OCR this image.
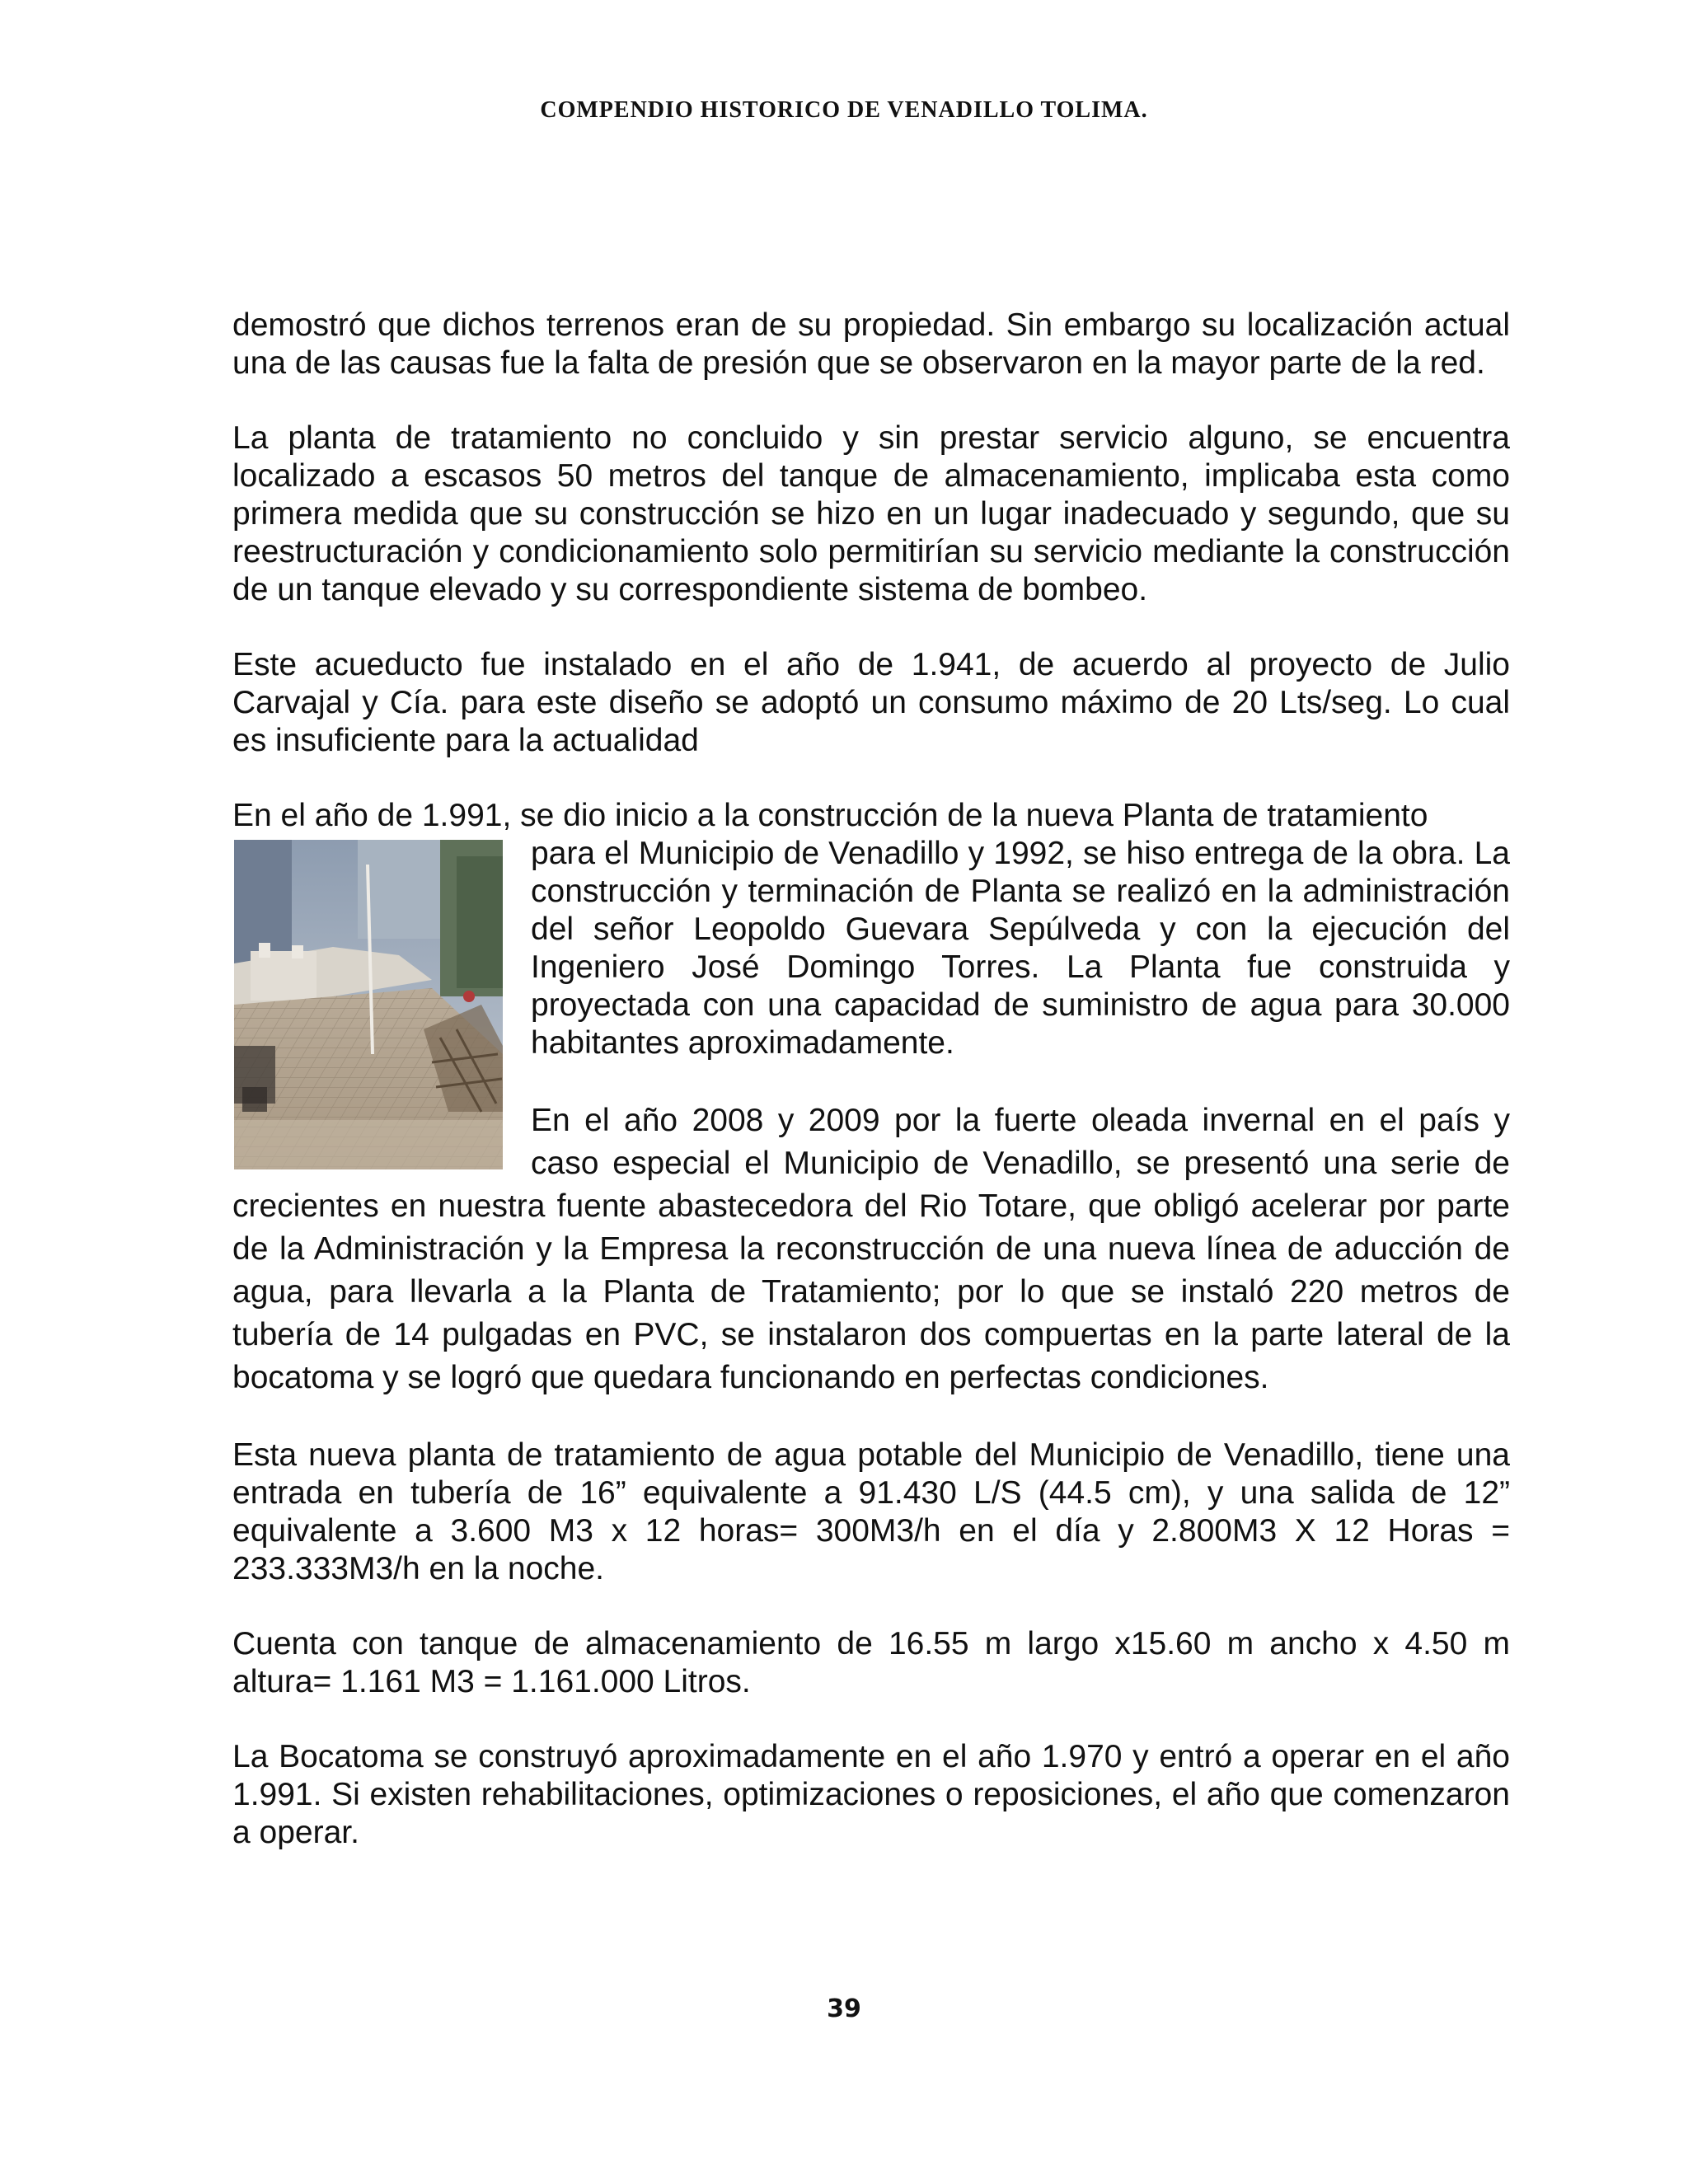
COMPENDIO HISTORICO DE VENADILLO TOLIMA.

demostró que dichos terrenos eran de su propiedad. Sin embargo su localización actual una de las causas fue la falta de presión que se observaron en la mayor parte de la red.

La planta de tratamiento no concluido y sin prestar servicio alguno, se encuentra localizado a escasos 50 metros del tanque de almacenamiento, implicaba esta como primera medida que su construcción se hizo en un lugar inadecuado y segundo, que su reestructuración y condicionamiento solo permitirían su servicio mediante la construcción de un tanque elevado y su correspondiente sistema de bombeo.

Este acueducto fue instalado en el año de 1.941, de acuerdo al proyecto de Julio Carvajal y Cía. para este diseño se adoptó un consumo máximo de 20 Lts/seg. Lo cual es insuficiente para la actualidad

En el año de 1.991, se dio inicio a la construcción de la nueva Planta de tratamiento

para el Municipio de Venadillo y 1992, se hiso entrega de la obra. La construcción y terminación de Planta se realizó en la administración del señor Leopoldo Guevara Sepúlveda y con la ejecución del Ingeniero José Domingo Torres. La Planta fue construida y proyectada con una capacidad de suministro de agua para 30.000 habitantes aproximadamente.

En el año 2008 y 2009 por la fuerte oleada invernal en el país y caso especial el Municipio de Venadillo, se presentó una serie de crecientes en nuestra fuente abastecedora del Rio Totare, que obligó acelerar por parte de la Administración y la Empresa la reconstrucción de una nueva línea de aducción de agua, para llevarla a la Planta de Tratamiento; por lo que se instaló 220 metros de tubería de 14 pulgadas en PVC, se instalaron dos compuertas en la parte lateral de la bocatoma y se logró que quedara funcionando en perfectas condiciones.

Esta nueva planta de tratamiento de agua potable del Municipio de Venadillo, tiene una entrada en tubería de 16” equivalente a 91.430 L/S (44.5 cm), y una salida de 12” equivalente a 3.600 M3 x 12 horas= 300M3/h en el día y 2.800M3 X 12 Horas = 233.333M3/h en la noche.

Cuenta con tanque de almacenamiento de 16.55 m largo x15.60 m ancho x 4.50 m altura= 1.161 M3 = 1.161.000 Litros.

La Bocatoma se construyó aproximadamente en el año 1.970 y entró a operar en el año 1.991. Si existen rehabilitaciones, optimizaciones o reposiciones, el año que comenzaron a operar.

39
